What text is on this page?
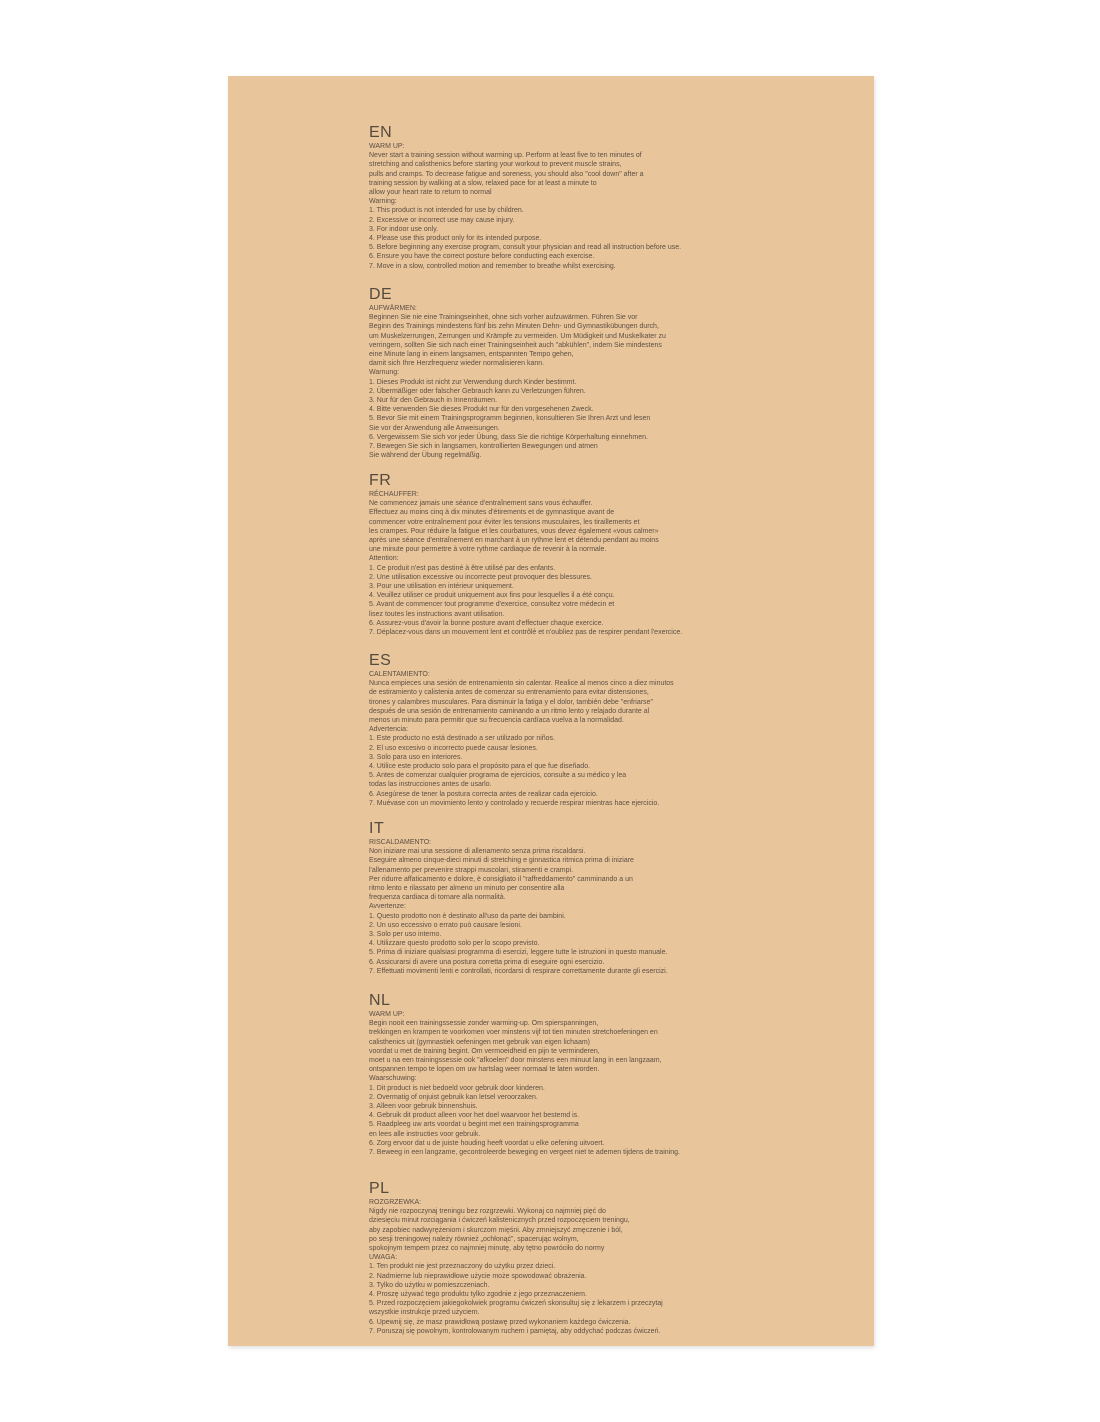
EN
WARM UP:
Never start a training session without warming up. Perform at least five to ten minutes of
stretching and calisthenics before starting your workout to prevent muscle strains,
pulls and cramps. To decrease fatigue and soreness, you should also "cool down" after a
training session by walking at a slow, relaxed pace for at least a minute to
allow your heart rate to return to normal
Warning:
1. This product is not intended for use by children.
2. Excessive or incorrect use may cause injury.
3. For indoor use only.
4. Please use this product only for its intended purpose.
5. Before beginning any exercise program, consult your physician and read all instruction before use.
6. Ensure you have the correct posture before conducting each exercise.
7. Move in a slow, controlled motion and remember to breathe whilst exercising.
DE
AUFWÄRMEN:
Beginnen Sie nie eine Trainingseinheit, ohne sich vorher aufzuwärmen. Führen Sie vor
Beginn des Trainings mindestens fünf bis zehn Minuten Dehn- und Gymnastikübungen durch,
um Muskelzerrungen, Zerrungen und Krämpfe zu vermeiden. Um Müdigkeit und Muskelkater zu
verringern, sollten Sie sich nach einer Trainingseinheit auch "abkühlen", indem Sie mindestens
eine Minute lang in einem langsamen, entspannten Tempo gehen,
damit sich Ihre Herzfrequenz wieder normalisieren kann.
Warnung:
1. Dieses Produkt ist nicht zur Verwendung durch Kinder bestimmt.
2. Übermäßiger oder falscher Gebrauch kann zu Verletzungen führen.
3. Nur für den Gebrauch in Innenräumen.
4. Bitte verwenden Sie dieses Produkt nur für den vorgesehenen Zweck.
5. Bevor Sie mit einem Trainingsprogramm beginnen, konsultieren Sie Ihren Arzt und lesen
Sie vor der Anwendung alle Anweisungen.
6. Vergewissern Sie sich vor jeder Übung, dass Sie die richtige Körperhaltung einnehmen.
7. Bewegen Sie sich in langsamen, kontrollierten Bewegungen und atmen
Sie während der Übung regelmäßig.
FR
RÉCHAUFFER:
Ne commencez jamais une séance d'entraînement sans vous échauffer.
Effectuez au moins cinq à dix minutes d'étirements et de gymnastique avant de
commencer votre entraînement pour éviter les tensions musculaires, les tiraillements et
les crampes. Pour réduire la fatigue et les courbatures, vous devez également «vous calmer»
après une séance d'entraînement en marchant à un rythme lent et détendu pendant au moins
une minute pour permettre à votre rythme cardiaque de revenir à la normale.
Attention:
1. Ce produit n'est pas destiné à être utilisé par des enfants.
2. Une utilisation excessive ou incorrecte peut provoquer des blessures.
3. Pour une utilisation en intérieur uniquement.
4. Veuillez utiliser ce produit uniquement aux fins pour lesquelles il a été conçu.
5. Avant de commencer tout programme d'exercice, consultez votre médecin et
lisez toutes les instructions avant utilisation.
6. Assurez-vous d'avoir la bonne posture avant d'effectuer chaque exercice.
7. Déplacez-vous dans un mouvement lent et contrôlé et n'oubliez pas de respirer pendant l'exercice.
ES
CALENTAMIENTO:
Nunca empieces una sesión de entrenamiento sin calentar. Realice al menos cinco a diez minutos
de estiramiento y calistenia antes de comenzar su entrenamiento para evitar distensiones,
tirones y calambres musculares. Para disminuir la fatiga y el dolor, también debe "enfriarse"
después de una sesión de entrenamiento caminando a un ritmo lento y relajado durante al
menos un minuto para permitir que su frecuencia cardíaca vuelva a la normalidad.
Advertencia:
1. Este producto no está destinado a ser utilizado por niños.
2. El uso excesivo o incorrecto puede causar lesiones.
3. Solo para uso en interiores.
4. Utilice este producto solo para el propósito para el que fue diseñado.
5. Antes de comenzar cualquier programa de ejercicios, consulte a su médico y lea
todas las instrucciones antes de usarlo.
6. Asegúrese de tener la postura correcta antes de realizar cada ejercicio.
7. Muévase con un movimiento lento y controlado y recuerde respirar mientras hace ejercicio.
IT
RISCALDAMENTO:
Non iniziare mai una sessione di allenamento senza prima riscaldarsi.
Eseguire almeno cinque-dieci minuti di stretching e ginnastica ritmica prima di iniziare
l'allenamento per prevenire strappi muscolari, stiramenti e crampi.
Per ridurre affaticamento e dolore, è consigliato il "raffreddamento" camminando a un
ritmo lento e rilassato per almeno un minuto per consentire alla
frequenza cardiaca di tornare alla normalità.
Avvertenze:
1. Questo prodotto non è destinato all'uso da parte dei bambini.
2. Un uso eccessivo o errato può causare lesioni.
3. Solo per uso interno.
4. Utilizzare questo prodotto solo per lo scopo previsto.
5. Prima di iniziare qualsiasi programma di esercizi, leggere tutte le istruzioni in questo manuale.
6. Assicurarsi di avere una postura corretta prima di eseguire ogni esercizio.
7. Effettuati movimenti lenti e controllati, ricordarsi di respirare correttamente durante gli esercizi.
NL
WARM UP:
Begin nooit een trainingssessie zonder warming-up. Om spierspanningen,
trekkingen en krampen te voorkomen voer minstens vijf tot tien minuten stretchoefeningen en
calisthenics uit (gymnastiek oefeningen met gebruik van eigen lichaam)
voordat u met de training begint. Om vermoeidheid en pijn te verminderen,
moet u na een trainingssessie ook "afkoelen" door minstens een minuut lang in een langzaam,
ontspannen tempo te lopen om uw hartslag weer normaal te laten worden.
Waarschuwing:
1. Dit product is niet bedoeld voor gebruik door kinderen.
2. Overmatig of onjuist gebruik kan letsel veroorzaken.
3. Alleen voor gebruik binnenshuis.
4. Gebruik dit product alleen voor het doel waarvoor het bestemd is.
5. Raadpleeg uw arts voordat u begint met een trainingsprogramma
en lees alle instructies voor gebruik.
6. Zorg ervoor dat u de juiste houding heeft voordat u elke oefening uitvoert.
7. Beweeg in een langzame, gecontroleerde beweging en vergeet niet te ademen tijdens de training.
PL
ROZGRZEWKA:
Nigdy nie rozpoczynaj treningu bez rozgrzewki. Wykonaj co najmniej pięć do
dziesięciu minut rozciągania i ćwiczeń kalistenicznych przed rozpoczęciem treningu,
aby zapobiec nadwyrężeniom i skurczom mięśni. Aby zmniejszyć zmęczenie i ból,
po sesji treningowej należy również „ochłonąć”, spacerując wolnym,
spokojnym tempem przez co najmniej minutę, aby tętno powróciło do normy
UWAGA:
1. Ten produkt nie jest przeznaczony do użytku przez dzieci.
2. Nadmierne lub nieprawidłowe użycie może spowodować obrażenia.
3. Tylko do użytku w pomieszczeniach.
4. Proszę używać tego produktu tylko zgodnie z jego przeznaczeniem.
5. Przed rozpoczęciem jakiegokolwiek programu ćwiczeń skonsultuj się z lekarzem i przeczytaj
wszystkie instrukcje przed użyciem.
6. Upewnij się, że masz prawidłową postawę przed wykonaniem każdego ćwiczenia.
7. Poruszaj się powolnym, kontrolowanym ruchem i pamiętaj, aby oddychać podczas ćwiczeń.
